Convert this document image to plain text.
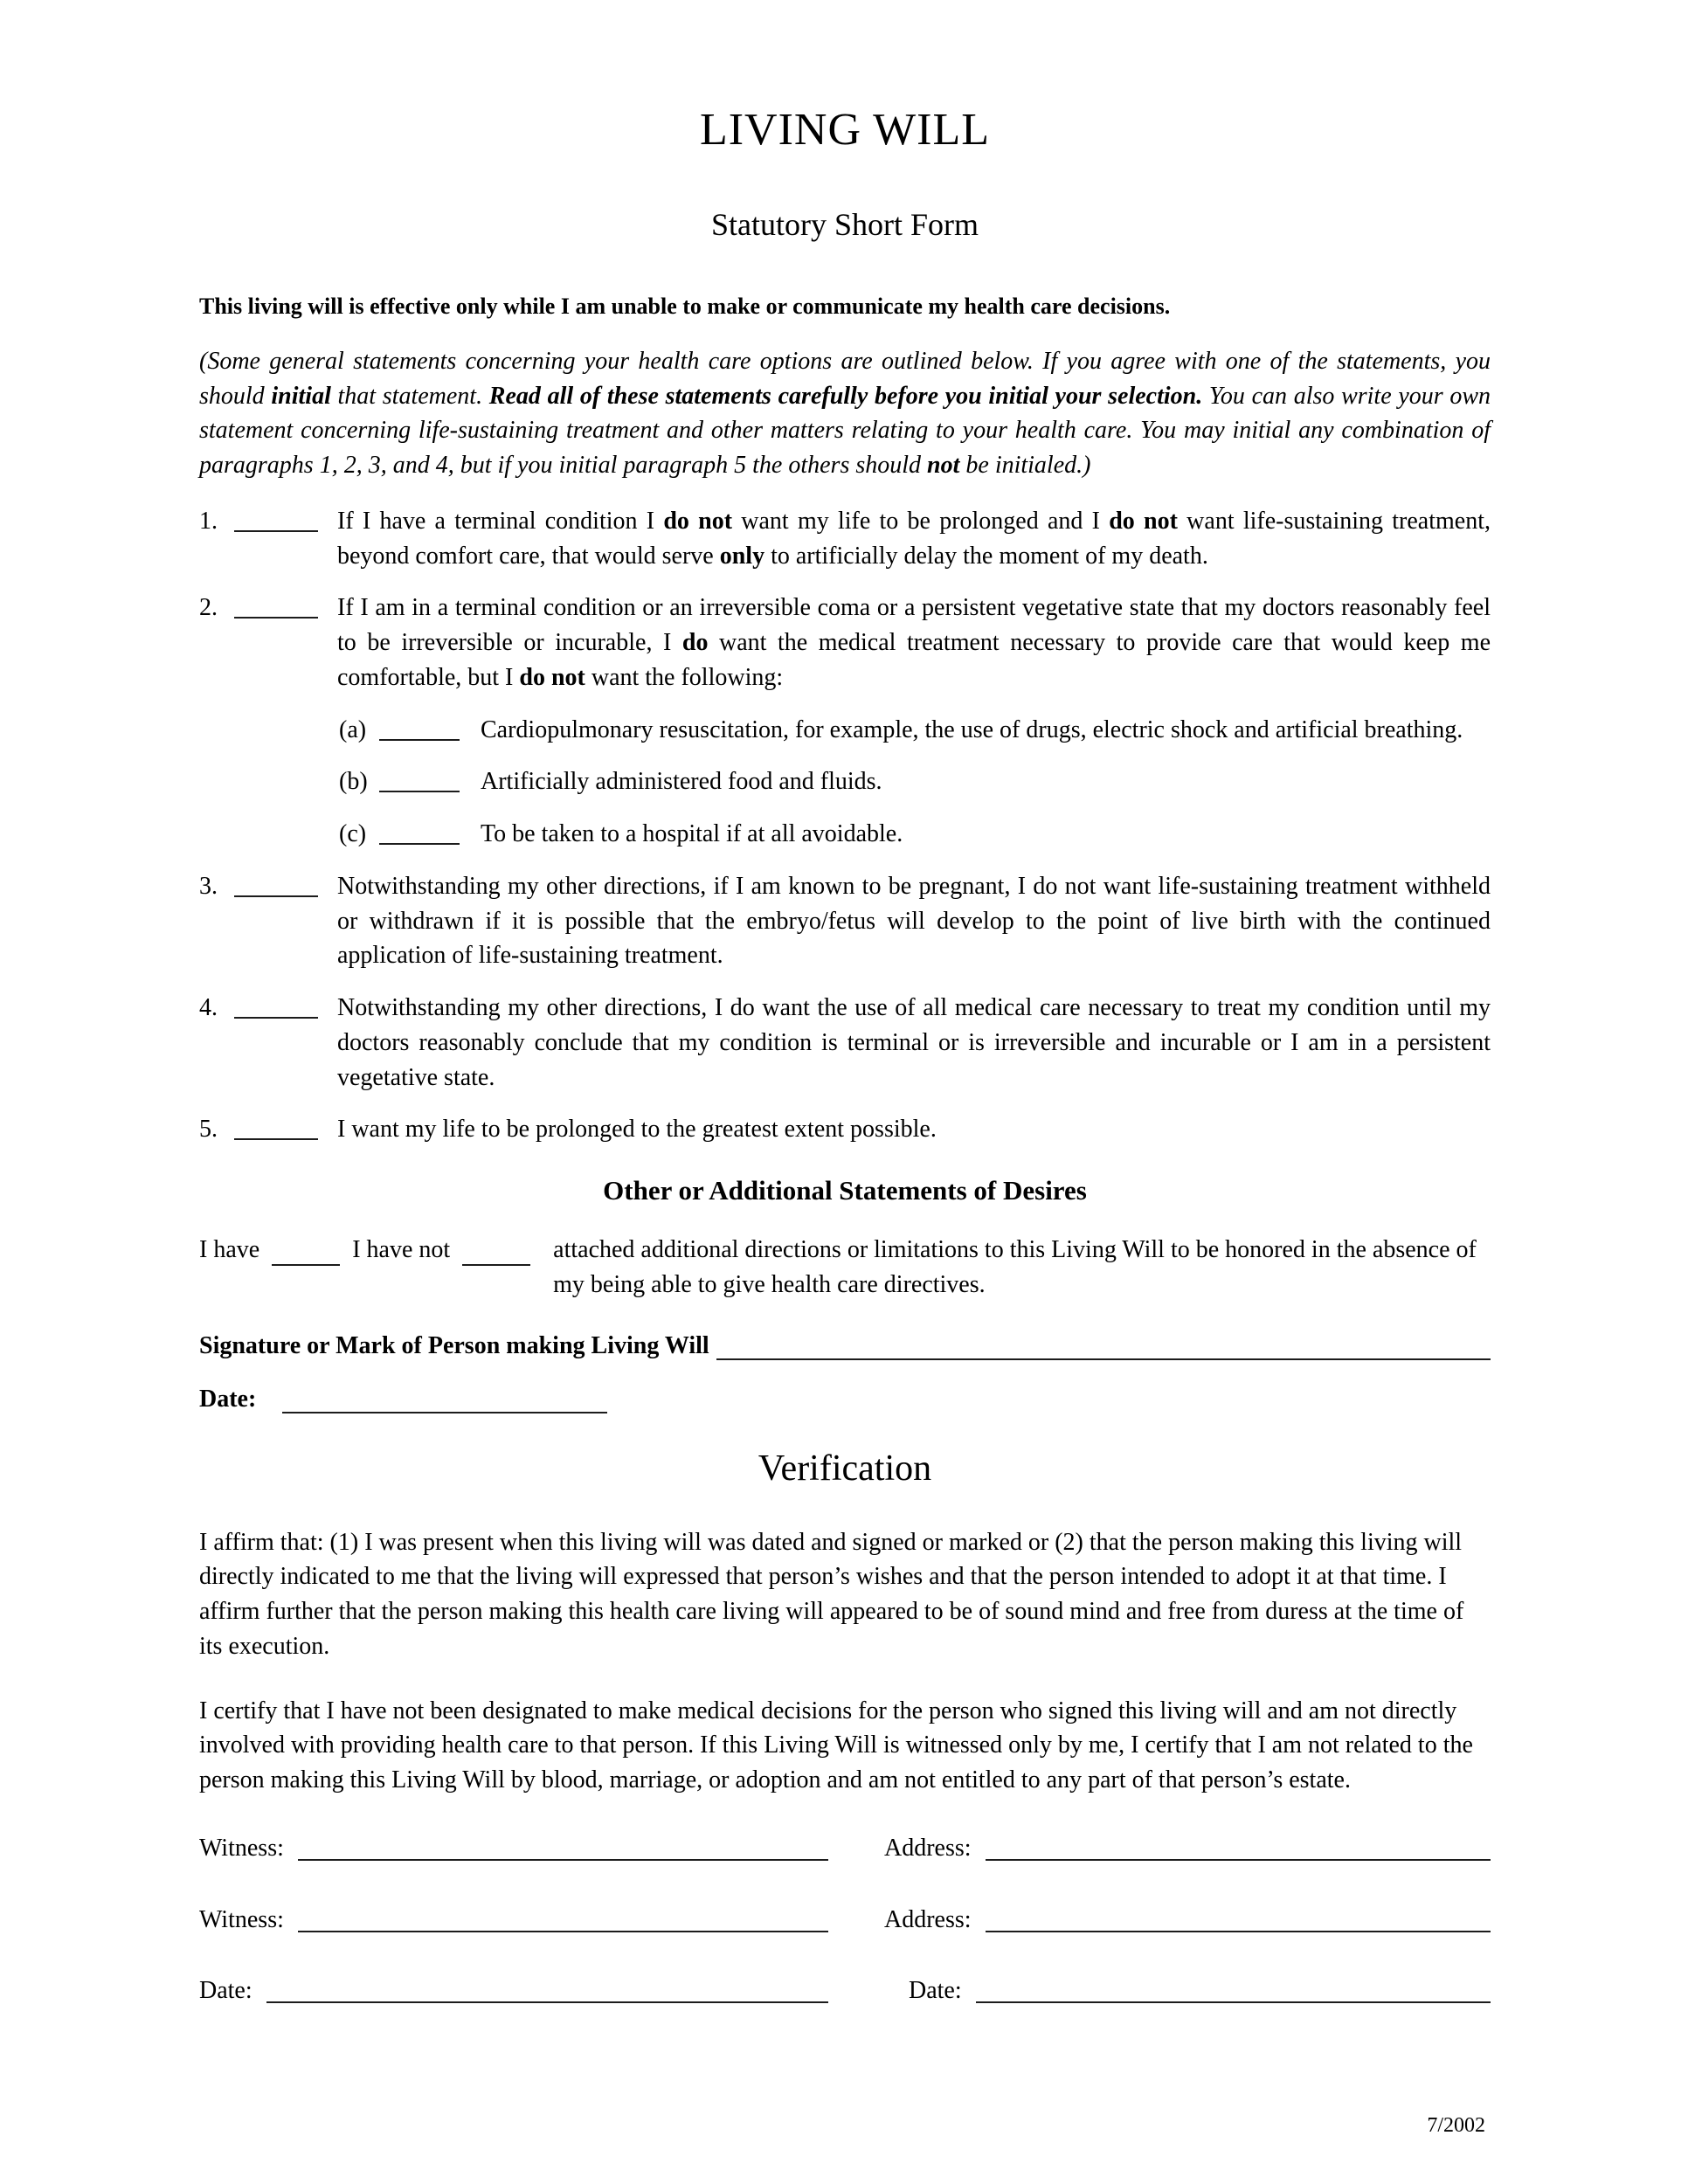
LIVING WILL
Statutory Short Form

This living will is effective only while I am unable to make or communicate my health care decisions.

(Some general statements concerning your health care options are outlined below. If you agree with one of the statements, you should initial that statement. Read all of these statements carefully before you initial your selection. You can also write your own statement concerning life-sustaining treatment and other matters relating to your health care. You may initial any combination of paragraphs 1, 2, 3, and 4, but if you initial paragraph 5 the others should not be initialed.)

1.	If I have a terminal condition I do not want my life to be prolonged and I do not want life-sustaining treatment, beyond comfort care, that would serve only to artificially delay the moment of my death.
2.	If I am in a terminal condition or an irreversible coma or a persistent vegetative state that my doctors reasonably feel to be irreversible or incurable, I do want the medical treatment necessary to provide care that would keep me comfortable, but I do not want the following:
(a)	Cardiopulmonary resuscitation, for example, the use of drugs, electric shock and artificial breathing.
(b)	Artificially administered food and fluids.
(c)	To be taken to a hospital if at all avoidable.
3.	Notwithstanding my other directions, if I am known to be pregnant, I do not want life-sustaining treatment withheld or withdrawn if it is possible that the embryo/fetus will develop to the point of live birth with the continued application of life-sustaining treatment.
4.	Notwithstanding my other directions, I do want the use of all medical care necessary to treat my condition until my doctors reasonably conclude that my condition is terminal or is irreversible and incurable or I am in a persistent vegetative state.
5.	I want my life to be prolonged to the greatest extent possible.
Other or Additional Statements of Desires
I have	I have not	attached additional directions or limitations to this Living Will to be honored in the absence of my being able to give health care directives.
Signature or Mark of Person making Living Will
Date:
Verification

I affirm that: (1) I was present when this living will was dated and signed or marked or (2) that the person making this living will directly indicated to me that the living will expressed that person’s wishes and that the person intended to adopt it at that time. I affirm further that the person making this health care living will appeared to be of sound mind and free from duress at the time of its execution.

I certify that I have not been designated to make medical decisions for the person who signed this living will and am not directly involved with providing health care to that person. If this Living Will is witnessed only by me, I certify that I am not related to the person making this Living Will by blood, marriage, or adoption and am not entitled to any part of that person’s estate.

Witness:	Address:
Witness:	Address:
Date:	Date:
7/2002
